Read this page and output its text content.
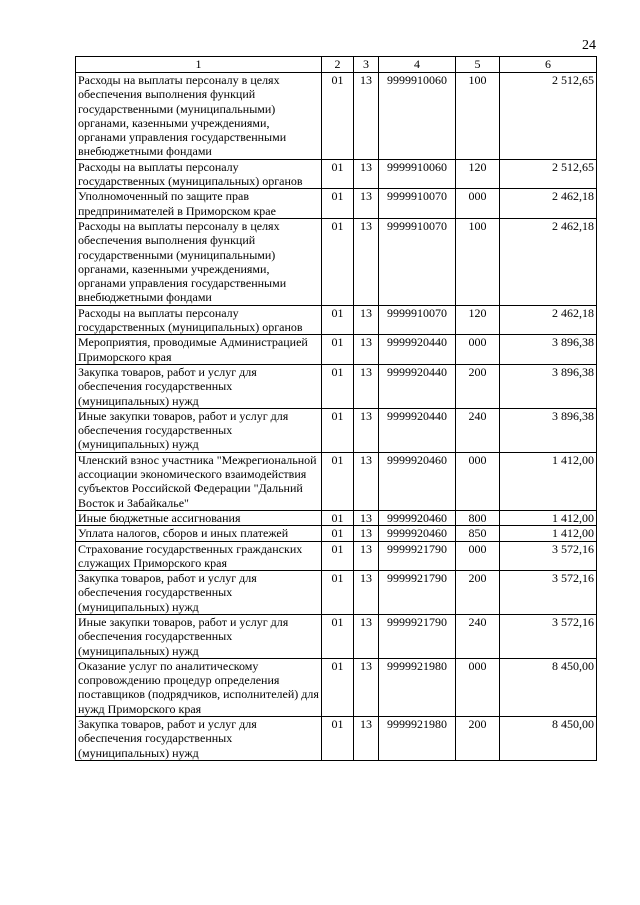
24
1	2	3	4	5	6
Расходы на выплаты персоналу в целях обеспечения выполнения функций государственными (муниципальными) органами, казенными учреждениями, органами управления государственными внебюджетными фондами	01	13	9999910060	100	2 512,65
Расходы на выплаты персоналу государственных (муниципальных) органов	01	13	9999910060	120	2 512,65
Уполномоченный по защите прав предпринимателей в Приморском крае	01	13	9999910070	000	2 462,18
Расходы на выплаты персоналу в целях обеспечения выполнения функций государственными (муниципальными) органами, казенными учреждениями, органами управления государственными внебюджетными фондами	01	13	9999910070	100	2 462,18
Расходы на выплаты персоналу государственных (муниципальных) органов	01	13	9999910070	120	2 462,18
Мероприятия, проводимые Администрацией Приморского края	01	13	9999920440	000	3 896,38
Закупка товаров, работ и услуг для обеспечения государственных (муниципальных) нужд	01	13	9999920440	200	3 896,38
Иные закупки товаров, работ и услуг для обеспечения государственных (муниципальных) нужд	01	13	9999920440	240	3 896,38
Членский взнос участника "Межрегиональной ассоциации экономического взаимодействия субъектов Российской Федерации "Дальний Восток и Забайкалье"	01	13	9999920460	000	1 412,00
Иные бюджетные ассигнования	01	13	9999920460	800	1 412,00
Уплата налогов, сборов и иных платежей	01	13	9999920460	850	1 412,00
Страхование государственных гражданских служащих Приморского края	01	13	9999921790	000	3 572,16
Закупка товаров, работ и услуг для обеспечения государственных (муниципальных) нужд	01	13	9999921790	200	3 572,16
Иные закупки товаров, работ и услуг для обеспечения государственных (муниципальных) нужд	01	13	9999921790	240	3 572,16
Оказание услуг по аналитическому сопровождению процедур определения поставщиков (подрядчиков, исполнителей) для нужд Приморского края	01	13	9999921980	000	8 450,00
Закупка товаров, работ и услуг для обеспечения государственных (муниципальных) нужд	01	13	9999921980	200	8 450,00
